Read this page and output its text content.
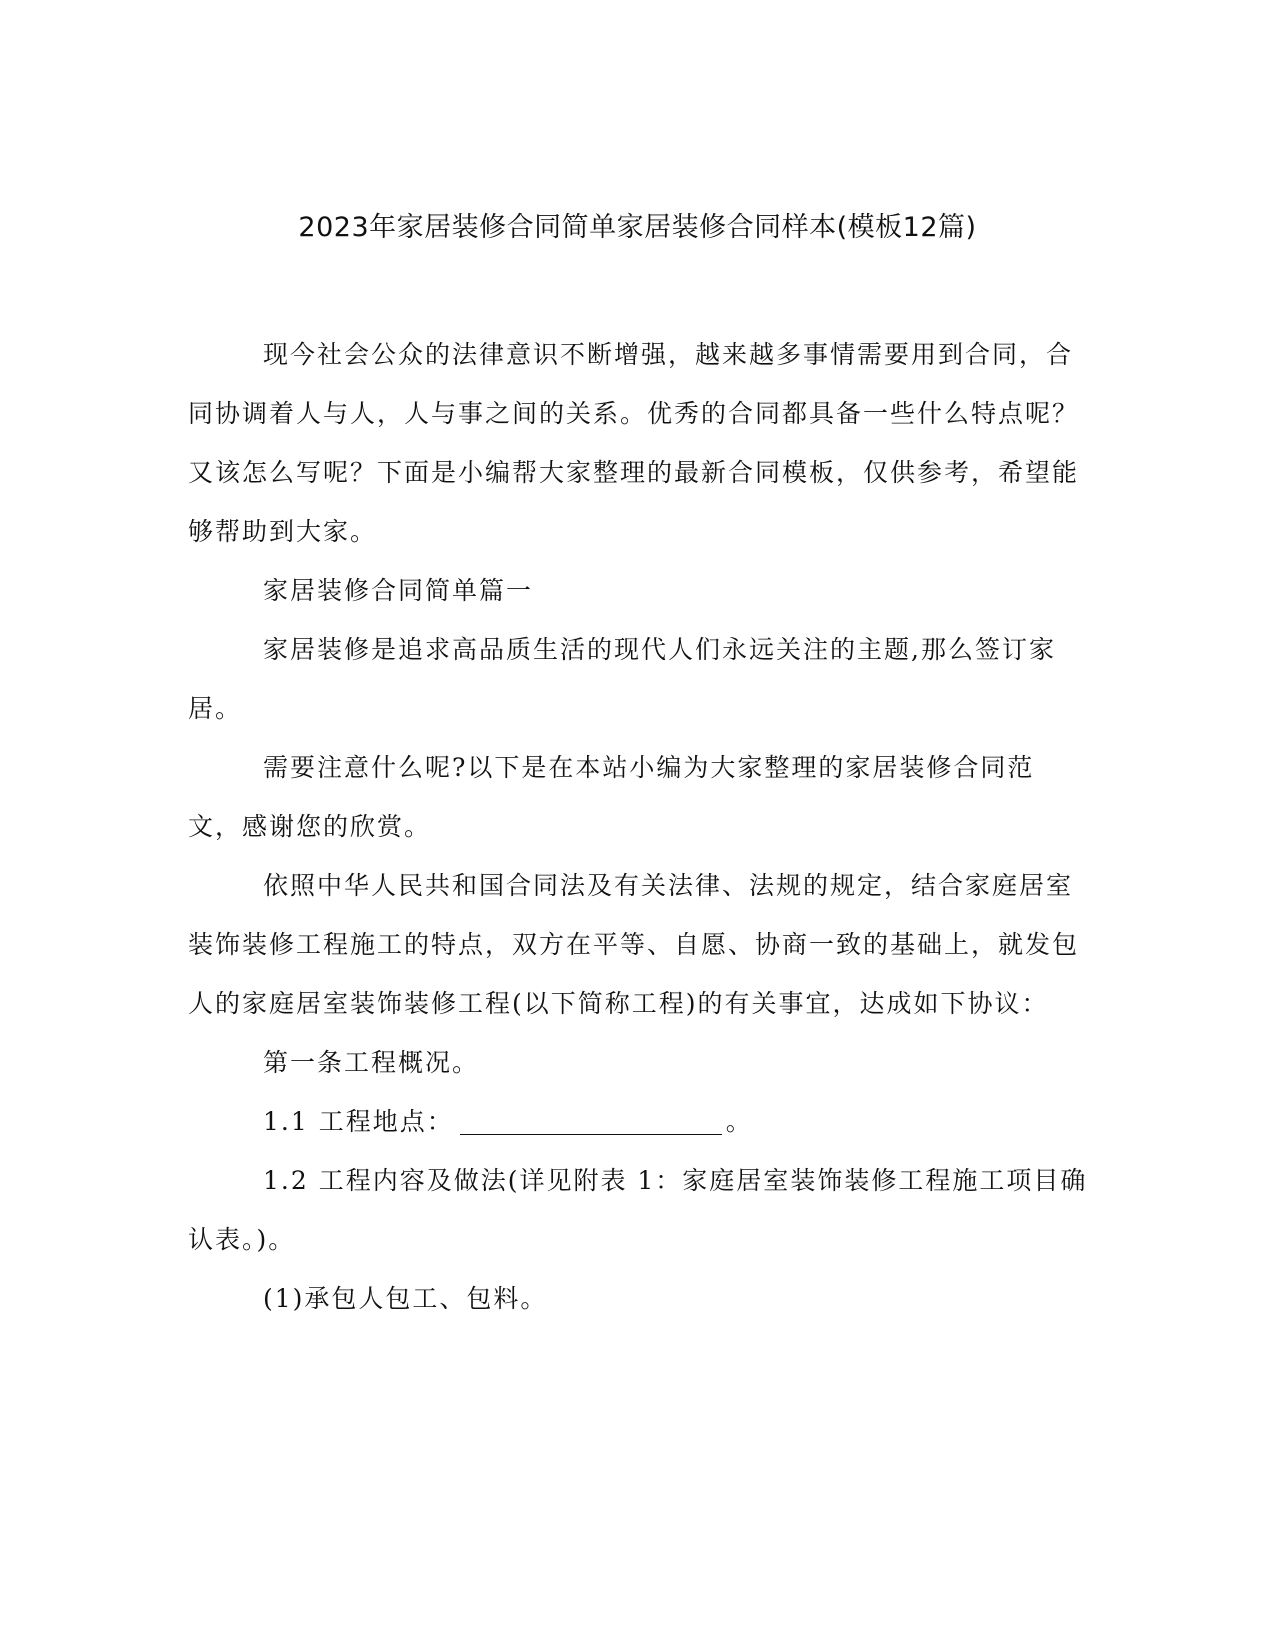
2023年家居装修合同简单家居装修合同样本(模板12篇)

现今社会公众的法律意识不断增强，越来越多事情需要用到合同，合同协调着人与人，人与事之间的关系。优秀的合同都具备一些什么特点呢？又该怎么写呢？下面是小编帮大家整理的最新合同模板，仅供参考，希望能够帮助到大家。

家居装修合同简单篇一

家居装修是追求高品质生活的现代人们永远关注的主题,那么签订家居。

需要注意什么呢?以下是在本站小编为大家整理的家居装修合同范文，感谢您的欣赏。

依照中华人民共和国合同法及有关法律、法规的规定，结合家庭居室装饰装修工程施工的特点，双方在平等、自愿、协商一致的基础上，就发包人的家庭居室装饰装修工程(以下简称工程)的有关事宜，达成如下协议：

第一条工程概况。

1.1 工程地点：	。

1.2 工程内容及做法(详见附表 1：家庭居室装饰装修工程施工项目确认表。)。

(1)承包人包工、包料。
